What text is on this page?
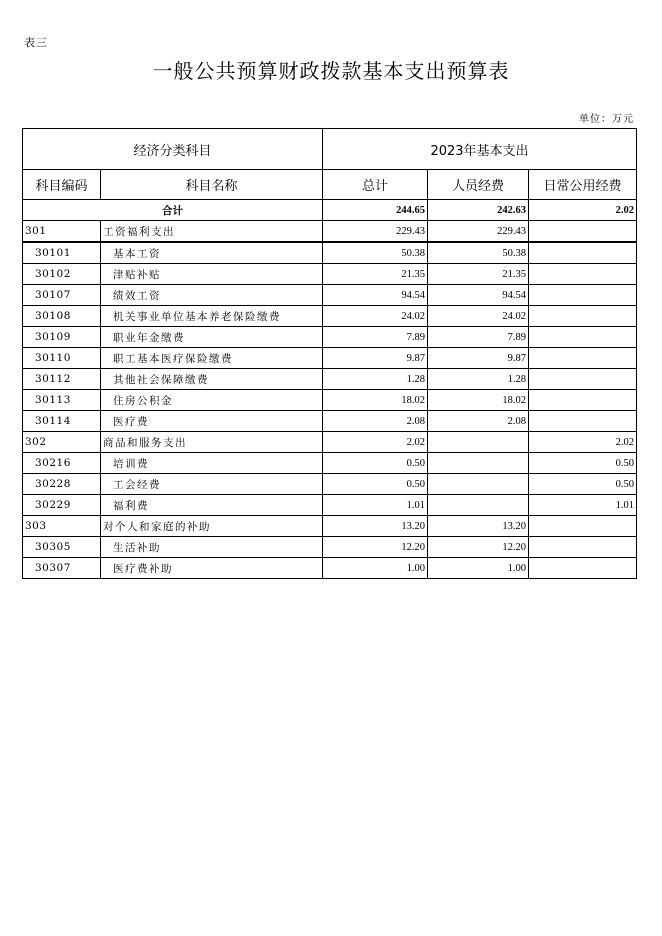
表三
一般公共预算财政拨款基本支出预算表
单位：万元
经济分类科目		2023年基本支出		
科目编码	科目名称	总计	人员经费	日常公用经费
合计		244.65	242.63	2.02
301	工资福利支出	229.43	229.43	
30101	基本工资	50.38	50.38	
30102	津贴补贴	21.35	21.35	
30107	绩效工资	94.54	94.54	
30108	机关事业单位基本养老保险缴费	24.02	24.02	
30109	职业年金缴费	7.89	7.89	
30110	职工基本医疗保险缴费	9.87	9.87	
30112	其他社会保障缴费	1.28	1.28	
30113	住房公积金	18.02	18.02	
30114	医疗费	2.08	2.08	
302	商品和服务支出	2.02		2.02
30216	培训费	0.50		0.50
30228	工会经费	0.50		0.50
30229	福利费	1.01		1.01
303	对个人和家庭的补助	13.20	13.20	
30305	生活补助	12.20	12.20	
30307	医疗费补助	1.00	1.00	
